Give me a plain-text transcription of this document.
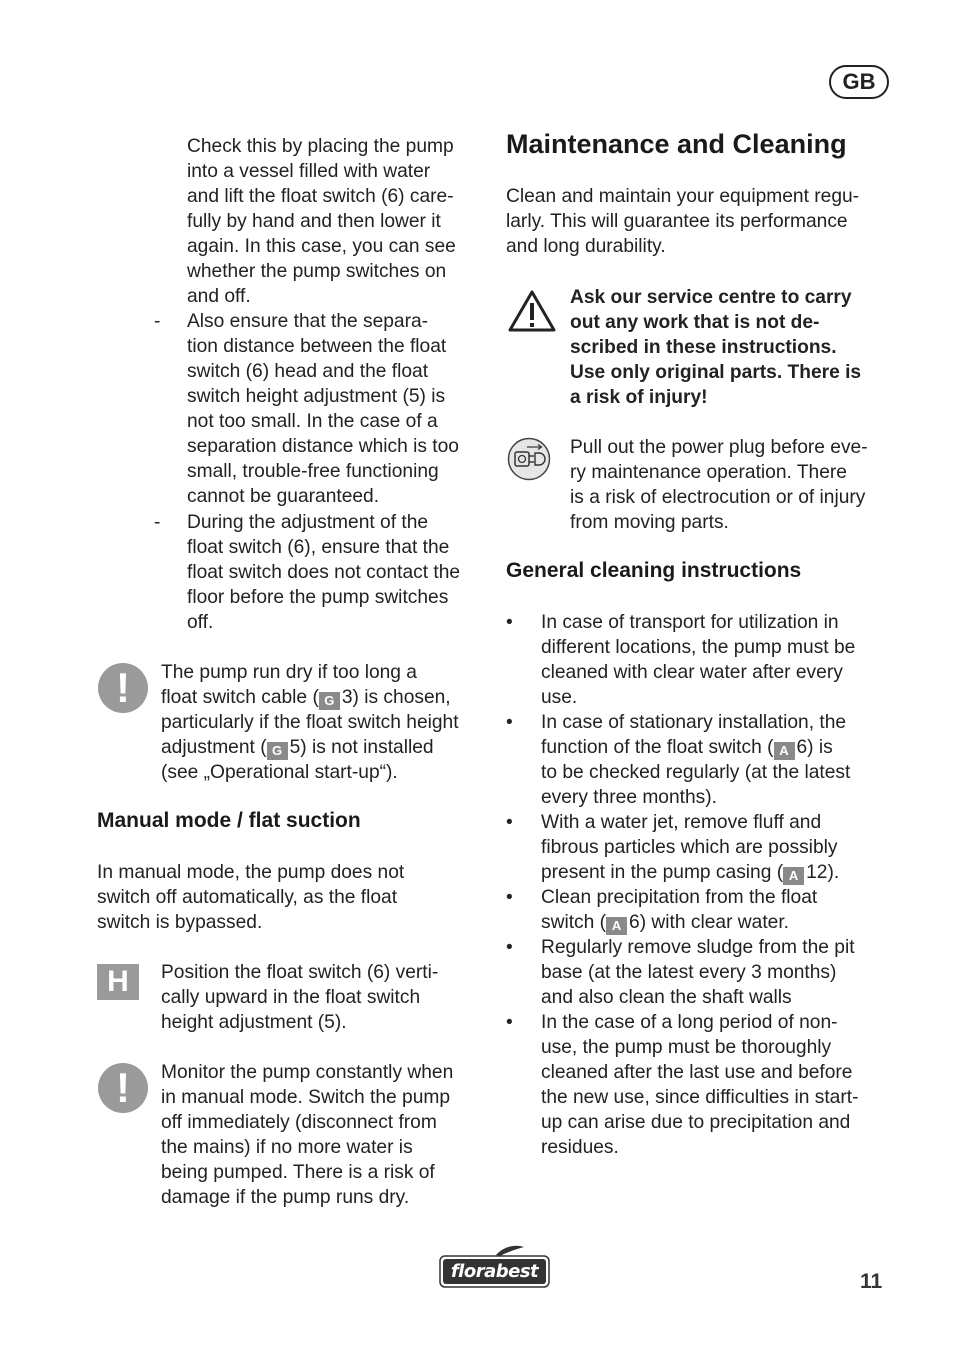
GB

Check this by placing the pump

into a vessel filled with water

and lift the float switch (6) care-

fully by hand and then lower it

again. In this case, you can see

whether the pump switches on

and off.

- Also ensure that the separa-

tion distance between the float

switch (6) head and the float

switch height adjustment (5) is

not too small. In the case of a

separation distance which is too

small, trouble-free functioning

cannot be guaranteed.

- During the adjustment of the

float switch (6), ensure that the

float switch does not contact the

floor before the pump switches

off.

!	The pump run dry if too long a

float switch cable ( G 3) is chosen,

particularly if the float switch height

adjustment ( G 5) is not installed

(see „Operational start-up“).

Manual mode / flat suction

In manual mode, the pump does not

switch off automatically, as the float

switch is bypassed.

H	Position the float switch (6) verti-

cally upward in the float switch

height adjustment (5).

!	Monitor the pump constantly when

in manual mode. Switch the pump

off immediately (disconnect from

the mains) if no more water is

being pumped. There is a risk of

damage if the pump runs dry.

Maintenance and Cleaning

Clean and maintain your equipment regu-

larly. This will guarantee its performance

and long durability.

Ask our service centre to carry

out any work that is not de-

scribed in these instructions.

Use only original parts. There is

a risk of injury!

Pull out the power plug before eve-

ry maintenance operation. There

is a risk of electrocution or of injury

from moving parts.

General cleaning instructions
• In case of transport for utilization in

different locations, the pump must be

cleaned with clear water after every

use.

• In case of stationary installation, the

function of the float switch ( A 6) is

to be checked regularly (at the latest

every three months).

• With a water jet, remove fluff and

fibrous particles which are possibly

present in the pump casing ( A 12).

• Clean precipitation from the float

switch ( A 6) with clear water.

• Regularly remove sludge from the pit

base (at the latest every 3 months)

and also clean the shaft walls

• In the case of a long period of non-

use, the pump must be thoroughly

cleaned after the last use and before

the new use, since difficulties in start-

up can arise due to precipitation and

residues.

florabest	11
